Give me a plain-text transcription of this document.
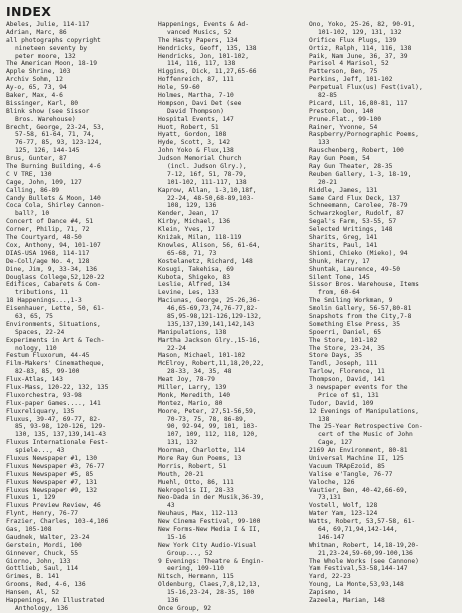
INDEX
Abeles, Julie, 114-117
Adrian, Marc, 86
all photographs copyright
nineteen seventy by
peter moore, 132
The American Moon, 18-19
Apple Shrine, 103
Archiv Sohm, 12
Ay-o, 65, 73, 94
Baker, Max, 4-6
Bissinger, Karl, 80
Blink show (see Sissor
Bros. Warehouse)
Brecht, George, 23-24, 53,
57-58, 61-64, 71, 74,
76-77, 85, 93, 123-124,
125, 126, 144-145
Brus, Gunter, 87
The Burning Building, 4-6
C V TRE, 130
Cage, John, 109, 127
Calling, 86-89
Candy Bullets & Moon, 140
Coca Cola, Shirley Cannon-
ball?, 10
Concert of Dance #4, 51
Corner, Philip, 71, 72
The Courtyard, 48-50
Cox, Anthony, 94, 101-107
DIAS-USA 1968, 114-117
De-Coll/age No. 4, 128
Dine, Jim, 9, 33-34, 136
Douglass College,52,120-22
Edifices, Cabarets & Com-
tributions, 11
18 Happenings...,1-3
Eisenhauer, Lette, 50, 61-
63, 65, 75
Environments, Situations,
Spaces, 22-24
Experiments in Art & Tech-
nology, 110
Festum Fluxorum, 44-45
Film-Makers' Cinematheque,
82-83, 85, 99-100
Flux-Atlas, 143
Flux-Mass, 120-22, 132, 135
Fluxorchestra, 93-98
Flux-paper Games...., 141
Fluxreliquary, 135
Fluxus, 39-47, 69-77, 82-
85, 93-98, 120-126, 129-
130, 135, 137,139,141-43
Fluxus Internationale Fest-
spiele..., 43
Fluxus Newspaper #1, 130
Fluxus Newspaper #3, 76-77
Fluxus Newspaper #5, 85
Fluxus Newspaper #7, 131
Fluxus Newspaper #9, 132
Fluxus 1, 129
Fluxus Preview Review, 46
Flynt, Henry, 76-77
Frazier, Charles, 103-4,106
Gas, 105-108
Gaudnek, Walter, 23-24
Gerstein, Mordi, 100
Ginnever, Chuck, 55
Giorno, John, 133
Gottlieb, Saul, 114
Grimes, B. 141
Grooms, Red, 4-6, 136
Hansen, Al, 52
Happenings, An Illustrated
Anthology, 136
Happenings, Events & Ad-
vanced Musics, 52
The Hasty Papers, 134
Hendricks, Geoff, 135, 138
Hendricks, Jon, 101-102,
114, 116, 117, 138
Higgins, Dick, 11,27,65-66
Hoffenreich, 87, 111
Hole, 59-60
Holmes, Martha, 7-10
Hompson, Davi Det (see
David Thompson)
Hospital Events, 147
Huot, Robert, 51
Hyatt, Gordon, 108
Hyde, Scott, 3, 142
John Yoko & Flux,138
Judson Memorial Church
(incl. Judson Glry.),
7-12, 16f, 51, 78-79,
101-102, 111-117, 138
Kaprow, Allan, 1-3,10,18f,
22-24, 48-50,68-89,103-
108, 129, 136
Kender, Jean, 17
Kirby, Michael, 136
Klein, Yves, 17
Kniżak, Milan, 118-119
Knowles, Alison, 56, 61-64,
65-68, 71, 73
Kostelanetz, Richard, 148
Kosugi, Takehisa, 69
Kubota, Shigeko, 83
Leslie, Alfred, 134
Levine, Les, 133
Maciunas, George, 25-26,36-
46,65-69,73,74,76-77,82-
85,95-98,121-126,129-132,
135,137,139,141,142,143
Manipulations, 138
Martha Jackson Glry.,15-16,
22-24
Mason, Michael, 101-102
McElroy, Robert,11,18,20,22,
28-33, 34, 35, 48
Meat Joy, 78-79
Miller, Larry, 139
Monk, Meredith, 140
Montez, Mario, 80
Moore, Peter, 27,51-56,59,
70-73, 75, 78, 86-89,
90, 92-94, 99, 101, 103-
107, 109, 112, 118, 120,
131, 132
Moorman, Charlotte, 114
More Ray Gun Poems, 13
Morris, Robert, 51
Mouth, 20-21
Muehl, Otto, 86, 111
Nekropolis II, 28-33
Neo-Dada in der Musik,36-39,
43
Neuhaus, Max, 112-113
New Cinema Festival, 99-100
New Forms-New Media I & II,
15-16
New York City Audio-Visual
Group..., 52
9 Evenings: Theatre & Engin-
eering, 109-110
Nitsch, Hermann, 115
Oldenburg, Claes,7,8,12,13,
15-16,23-24, 28-35, 100
136
Once Group, 92
Ono, Yoko, 25-26, 82, 90-91,
101-102, 129, 131, 132
Orifice Flux Plugs, 139
Ortiz, Ralph, 114, 116, 138
Paik, Nam June, 36, 37, 39
Parisol 4 Marisol, 52
Patterson, Ben, 75
Perkins, Jeff, 101-102
Perpetual Flux(us) Fest(ival),
82-85
Picard, Lil, 16,80-81, 117
Preston, Don, 140
Prune.Flat., 99-100
Rainer, Yvonne, 54
Raspberry/Pornographic Poems,
133
Rauschenberg, Robert, 100
Ray Gun Poem, 54
Ray Gun Theater, 28-35
Reuben Gallery, 1-3, 18-19,
20-21
Riddle, James, 131
Same Card Flux Deck, 137
Schneemann, Carolee, 78-79
Schwarzkogler, Rudolf, 87
Segal's Farm, 53-55, 57
Selected Writings, 148
Sharits, Greg, 141
Sharits, Paul, 141
Shiomi, Chieko (Mieko), 94
Shunk, Harry, 17
Shuntak, Laurence, 49-50
Silent Tone, 145
Sissor Bros. Warehouse, Items
from, 60-64
The Smiling Workman, 9
Smolin Gallery, 56-57,80-81
Snapshots from the City,7-8
Something Else Press, 35
Spoerri, Daniel, 65
The Store, 101-102
The Store, 23-24, 35
Store Days, 35
Tandl, Joseph, 111
Tarlow, Florence, 11
Thompson, David, 141
3 newspaper events for the
Price of $1, 131
Tudor, David, 109
12 Evenings of Manipulations,
138
The 25-Year Retrospective Con-
cert of the Music of John
Cage, 127
2169 An Environment, 80-81
Universal Machine II, 125
Vacuum TRApEzoid, 85
Valise e'Tangle, 76-77
Valoche, 126
Vautier, Ben, 40-42,66-69,
73,131
Vostell, Wolf, 128
Water Yam, 123-124
Watts, Robert, 53,57-58, 61-
64, 69,71,94,142-144,
146-147
Whitman, Robert, 14,18-19,20-
21,23-24,59-60,99-100,136
The Whole Works (see Cannone)
Yam Festival,53-58,144-147
Yard, 22-23
Young, La Monte,53,93,148
Zapismo, 14
Zazeela, Marian, 148
